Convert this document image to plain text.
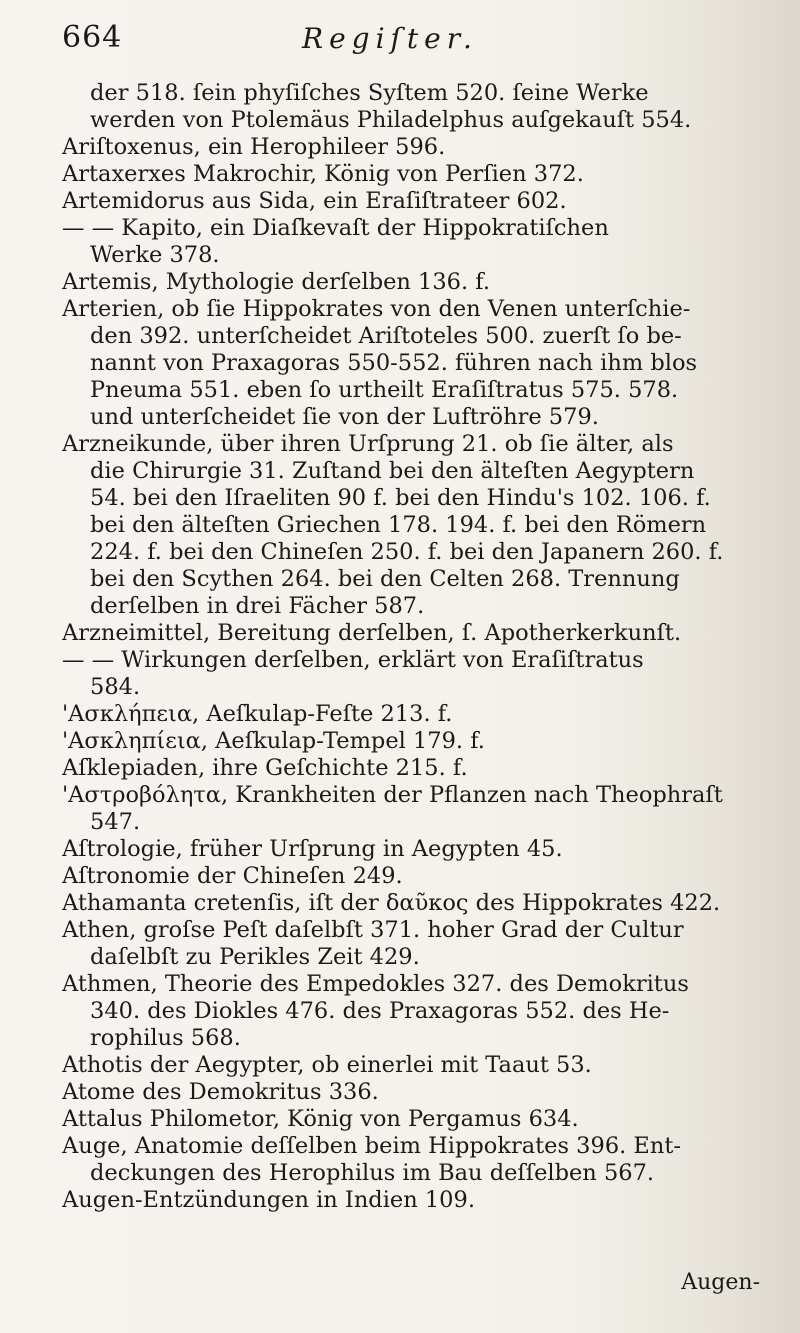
664	Regiſter.
der 518. ſein phyſiſches Syſtem 520. ſeine Werke
werden von Ptolemäus Philadelphus auſgekauſt 554.
Ariſtoxenus, ein Herophileer 596.
Artaxerxes Makrochir, König von Perſien 372.
Artemidorus aus Sida, ein Eraſiſtrateer 602.
— — Kapito, ein Diaſkevaſt der Hippokratiſchen
Werke 378.
Artemis, Mythologie derſelben 136. f.
Arterien, ob ſie Hippokrates von den Venen unterſchie-
den 392. unterſcheidet Ariſtoteles 500. zuerſt ſo be-
nannt von Praxagoras 550-552. führen nach ihm blos
Pneuma 551. eben ſo urtheilt Eraſiſtratus 575. 578.
und unterſcheidet ſie von der Luftröhre 579.
Arzneikunde, über ihren Urſprung 21. ob ſie älter, als
die Chirurgie 31. Zuſtand bei den älteſten Aegyptern
54. bei den Iſraeliten 90 f. bei den Hindu's 102. 106. f.
bei den älteſten Griechen 178. 194. f. bei den Römern
224. f. bei den Chineſen 250. f. bei den Japanern 260. f.
bei den Scythen 264. bei den Celten 268. Trennung
derſelben in drei Fächer 587.
Arzneimittel, Bereitung derſelben, ſ. Apotherkerkunſt.
— — Wirkungen derſelben, erklärt von Eraſiſtratus
584.
'Ασκλήπεια, Aeſkulap-Feſte 213. f.
'Ασκληπίεια, Aeſkulap-Tempel 179. f.
Aſklepiaden, ihre Geſchichte 215. f.
'Αστροβόλητα, Krankheiten der Pflanzen nach Theophraſt
547.
Aſtrologie, früher Urſprung in Aegypten 45.
Aſtronomie der Chineſen 249.
Athamanta cretenſis, iſt der δαῦκος des Hippokrates 422.
Athen, groſse Peſt daſelbſt 371. hoher Grad der Cultur
daſelbſt zu Perikles Zeit 429.
Athmen, Theorie des Empedokles 327. des Demokritus
340. des Diokles 476. des Praxagoras 552. des He-
rophilus 568.
Athotis der Aegypter, ob einerlei mit Taaut 53.
Atome des Demokritus 336.
Attalus Philometor, König von Pergamus 634.
Auge, Anatomie deſſelben beim Hippokrates 396. Ent-
deckungen des Herophilus im Bau deſſelben 567.
Augen-Entzündungen in Indien 109.
Augen-
